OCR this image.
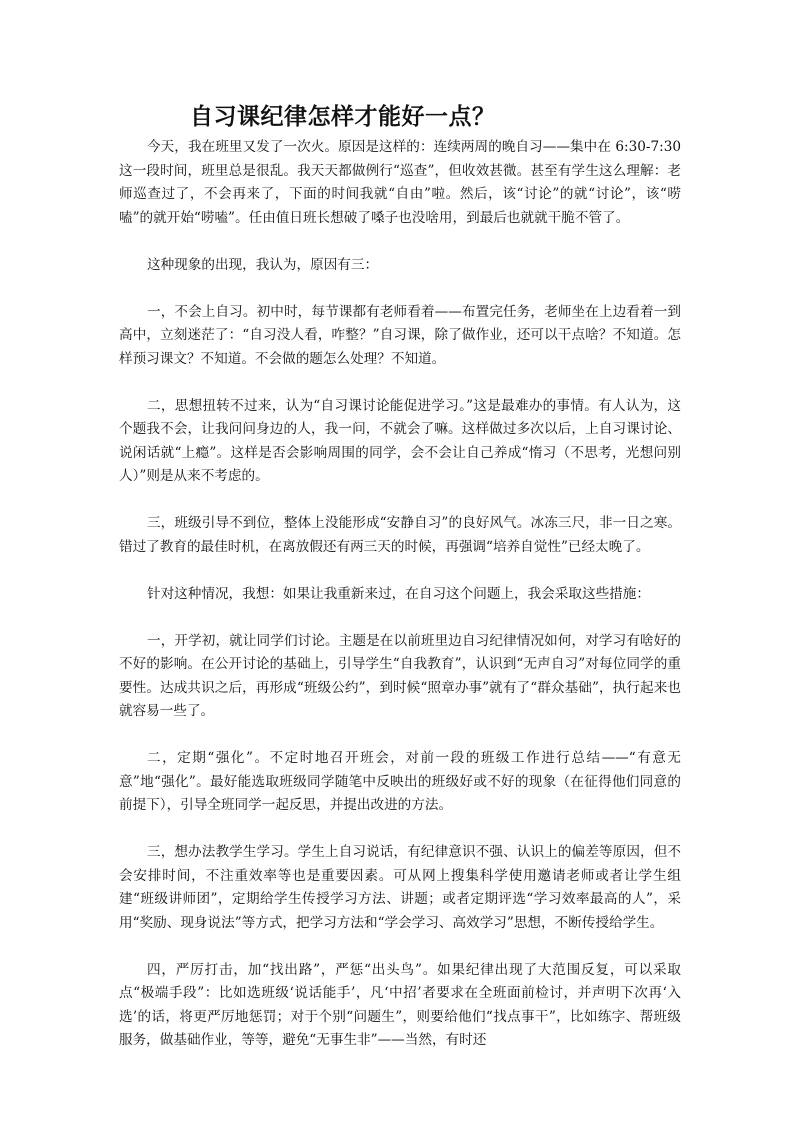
自习课纪律怎样才能好一点？

今天，我在班里又发了一次火。原因是这样的：连续两周的晚自习——集中在 6:30-7:30 这一段时间，班里总是很乱。我天天都做例行“巡查”，但收效甚微。甚至有学生这么理解：老师巡查过了，不会再来了，下面的时间我就“自由”啦。然后，该“讨论”的就“讨论”，该“唠嗑”的就开始“唠嗑”。任由值日班长想破了嗓子也没啥用，到最后也就就干脆不管了。

这种现象的出现，我认为，原因有三：

一，不会上自习。初中时，每节课都有老师看着——布置完任务，老师坐在上边看着一到高中，立刻迷茫了：“自习没人看，咋整？”自习课，除了做作业，还可以干点啥？不知道。怎样预习课文？不知道。不会做的题怎么处理？不知道。

二，思想扭转不过来，认为“自习课讨论能促进学习。”这是最难办的事情。有人认为，这个题我不会，让我问问身边的人，我一问，不就会了嘛。这样做过多次以后，上自习课讨论、说闲话就“上瘾”。这样是否会影响周围的同学，会不会让自己养成“惰习（不思考，光想问别人）”则是从来不考虑的。

三，班级引导不到位，整体上没能形成“安静自习”的良好风气。冰冻三尺，非一日之寒。错过了教育的最佳时机，在离放假还有两三天的时候，再强调“培养自觉性”已经太晚了。

针对这种情况，我想：如果让我重新来过，在自习这个问题上，我会采取这些措施：

一，开学初，就让同学们讨论。主题是在以前班里边自习纪律情况如何，对学习有啥好的不好的影响。在公开讨论的基础上，引导学生“自我教育”，认识到“无声自习”对每位同学的重要性。达成共识之后，再形成“班级公约”，到时候“照章办事”就有了“群众基础”，执行起来也就容易一些了。

二，定期“强化”。不定时地召开班会，对前一段的班级工作进行总结——“有意无意”地“强化”。最好能选取班级同学随笔中反映出的班级好或不好的现象（在征得他们同意的前提下），引导全班同学一起反思，并提出改进的方法。

三，想办法教学生学习。学生上自习说话，有纪律意识不强、认识上的偏差等原因，但不会安排时间，不注重效率等也是重要因素。可从网上搜集科学使用邀请老师或者让学生组建“班级讲师团”，定期给学生传授学习方法、讲题；或者定期评选“学习效率最高的人”，采用“奖励、现身说法”等方式，把学习方法和“学会学习、高效学习”思想，不断传授给学生。

四，严厉打击，加“找出路”，严惩“出头鸟”。如果纪律出现了大范围反复，可以采取点“极端手段”：比如选班级‘说话能手’，凡‘中招’者要求在全班面前检讨，并声明下次再‘入选’的话，将更严厉地惩罚；对于个别“问题生”，则要给他们“找点事干”，比如练字、帮班级服务，做基础作业，等等，避免“无事生非”——当然，有时还
